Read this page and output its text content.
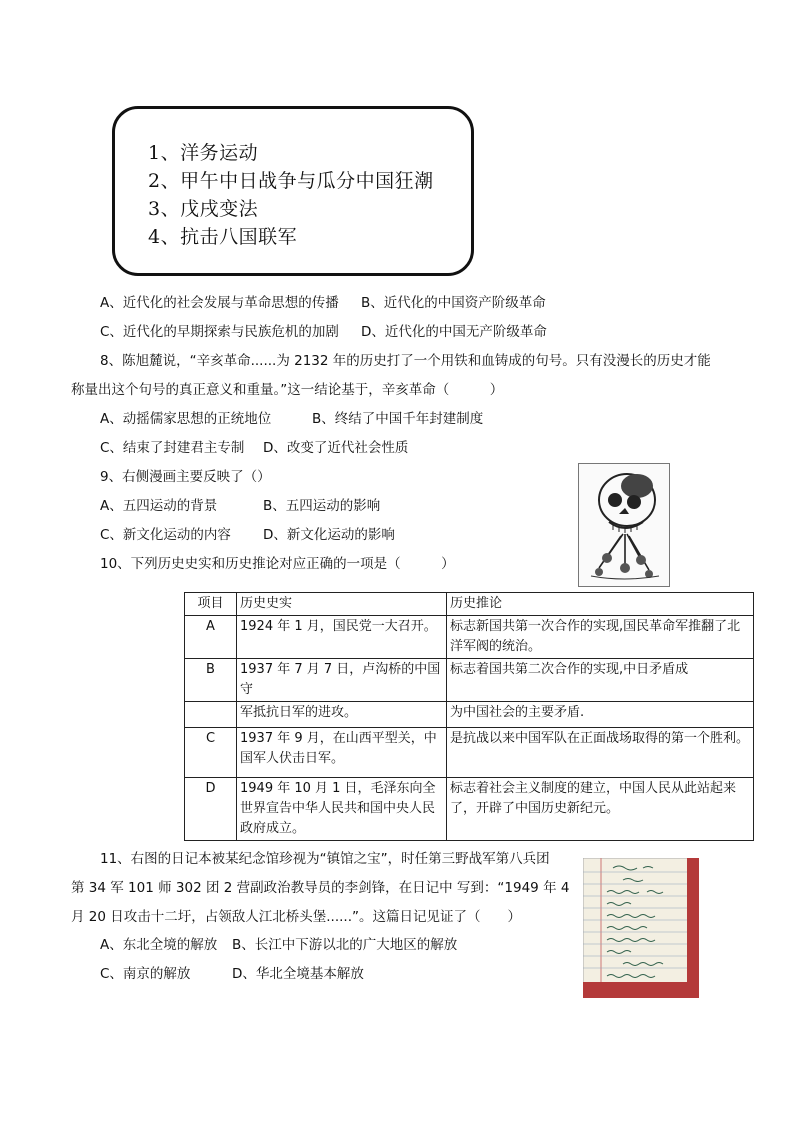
1、洋务运动
2、甲午中日战争与瓜分中国狂潮
3、戊戌变法
4、抗击八国联军
A、近代化的社会发展与革命思想的传播 B、近代化的中国资产阶级革命
C、近代化的早期探索与民族危机的加剧 D、近代化的中国无产阶级革命
8、陈旭麓说，“辛亥革命......为 2132 年的历史打了一个用铁和血铸成的句号。只有没漫长的历史才能
称量出这个句号的真正意义和重量。”这一结论基于，辛亥革命（　　　）
A、动摇儒家思想的正统地位	B、终结了中国千年封建制度
C、结束了封建君主专制 D、改变了近代社会性质
9、右侧漫画主要反映了（）
A、五四运动的背景	B、五四运动的影响
C、新文化运动的内容 D、新文化运动的影响
10、下列历史史实和历史推论对应正确的一项是（　　　）
项目	历史史实	历史推论
A	1924 年 1 月，国民党一大召开。	标志新国共第一次合作的实现,国民革命军推翻了北洋军阀的统治。
B	1937 年 7 月 7 日，卢沟桥的中国守	标志着国共第二次合作的实现,中日矛盾成
	军抵抗日军的进攻。	为中国社会的主要矛盾.
C	1937 年 9 月，在山西平型关，中国军人伏击日军。	是抗战以来中国军队在正面战场取得的第一个胜利。
D	1949 年 10 月 1 日，毛泽东向全世界宣告中华人民共和国中央人民政府成立。	标志着社会主义制度的建立，中国人民从此站起来了，开辟了中国历史新纪元。
11、右图的日记本被某纪念馆珍视为“镇馆之宝”，时任第三野战军第八兵团
第 34 军 101 师 302 团 2 营副政治教导员的李剑锋，在日记中 写到：“1949 年 4
月 20 日攻击十二圩，占领敌人江北桥头堡......”。这篇日记见证了（　　）
A、东北全境的解放 B、长江中下游以北的广大地区的解放
C、南京的解放	D、华北全境基本解放
